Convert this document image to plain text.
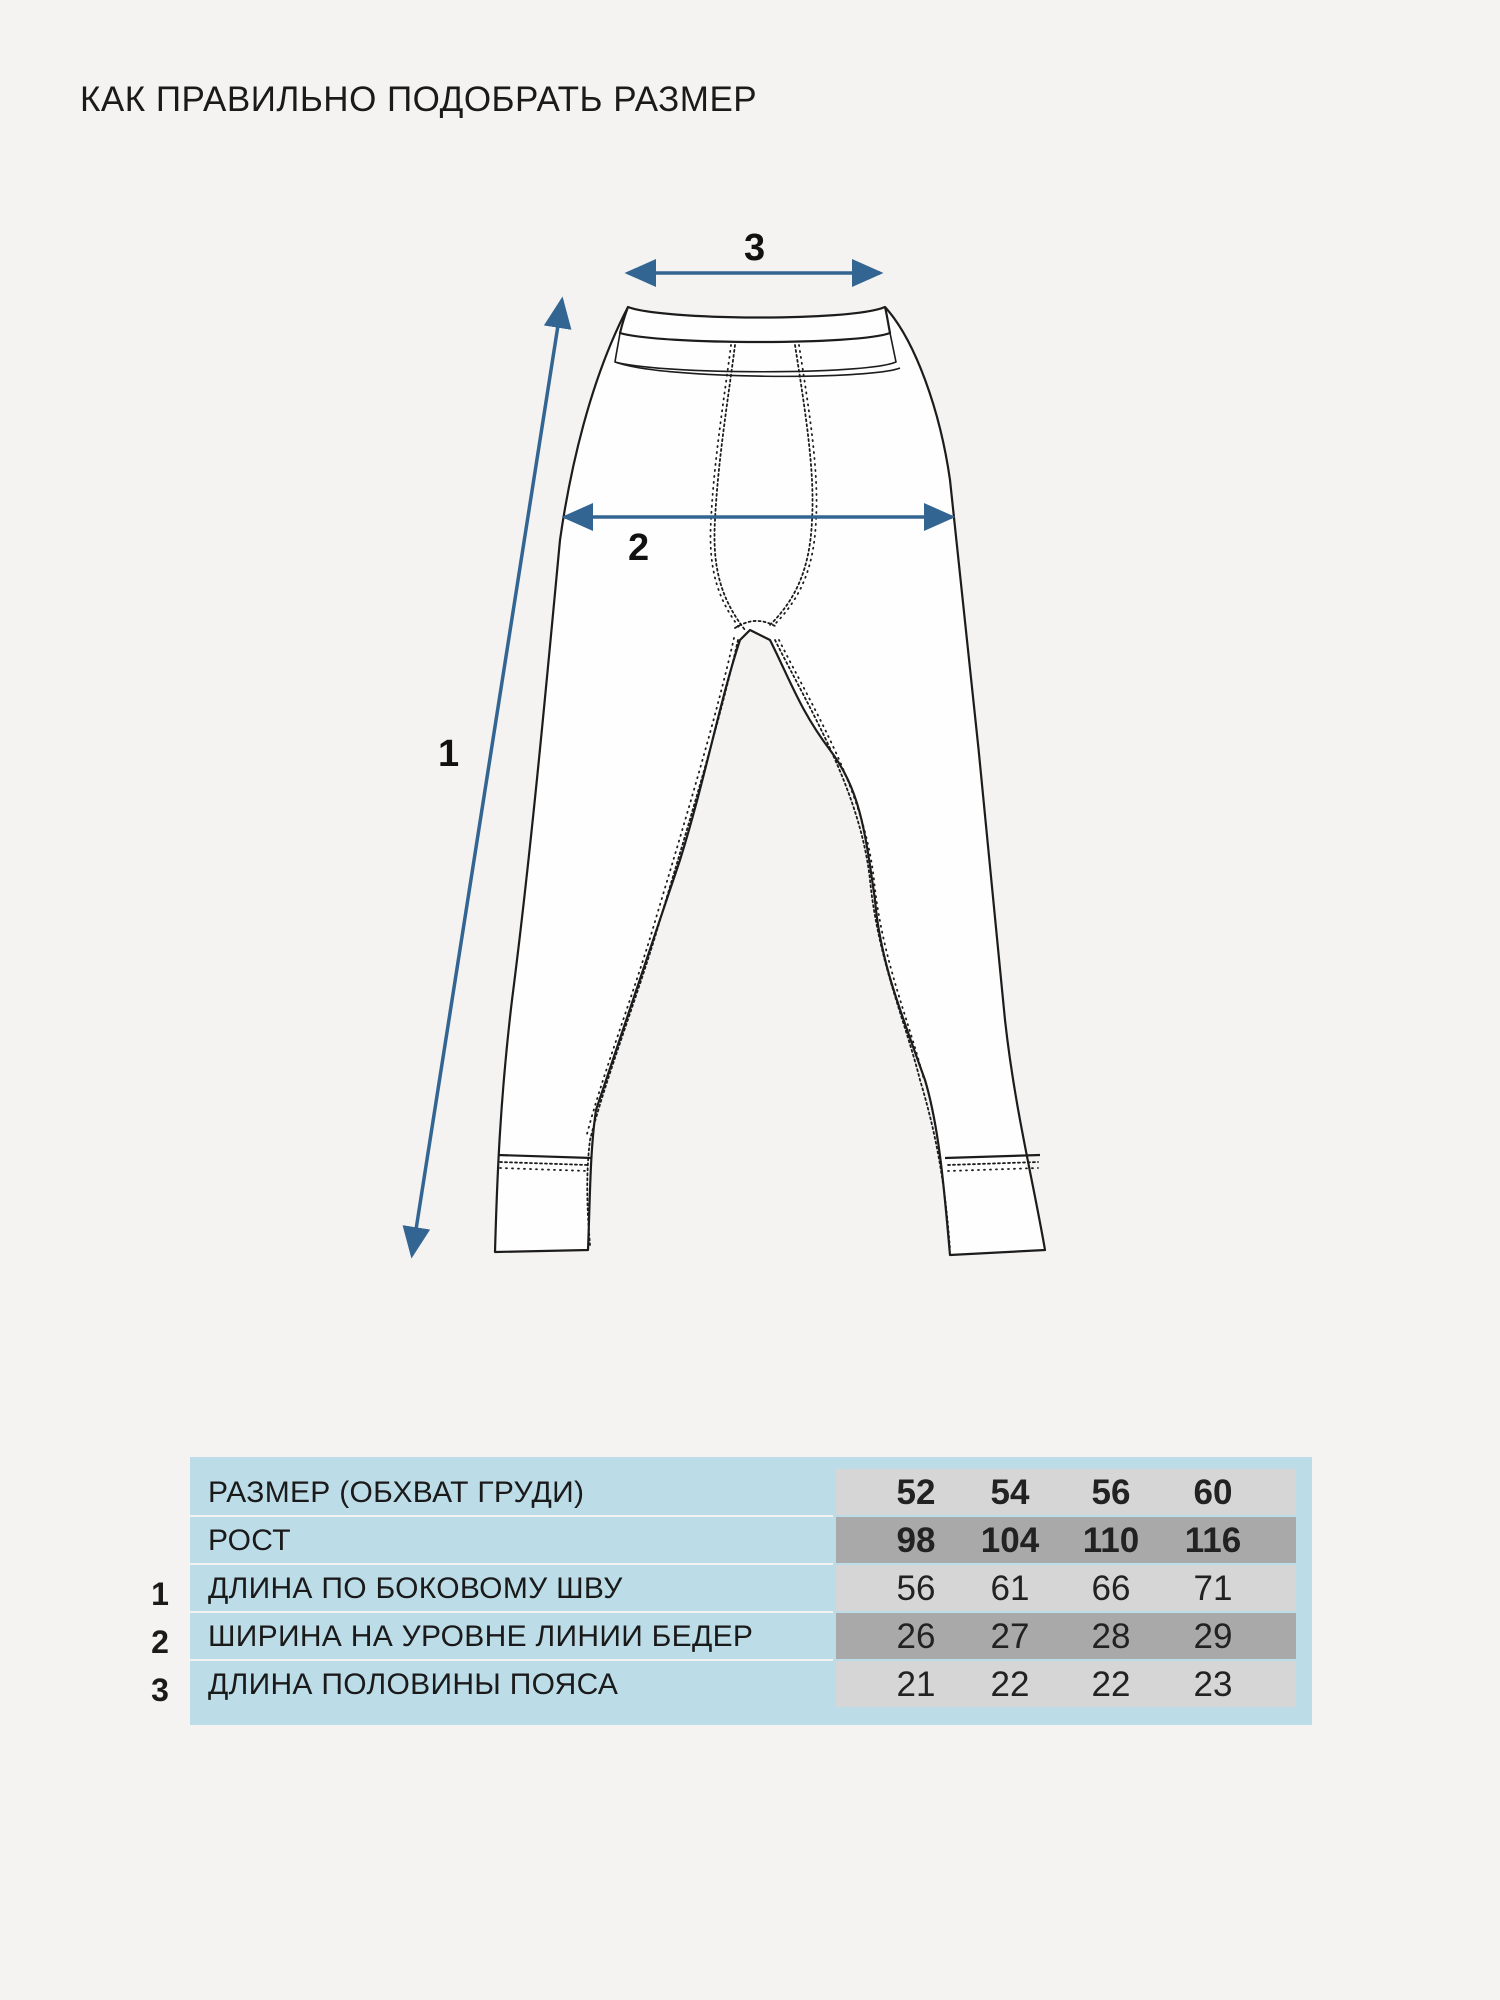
КАК ПРАВИЛЬНО ПОДОБРАТЬ РАЗМЕР
1
2
3
1
2
3
РАЗМЕР (ОБХВАТ ГРУДИ)	52	54	56	60
РОСТ	98	104	110	116
ДЛИНА ПО БОКОВОМУ ШВУ	56	61	66	71
ШИРИНА НА УРОВНЕ ЛИНИИ БЕДЕР	26	27	28	29
ДЛИНА ПОЛОВИНЫ ПОЯСА	21	22	22	23
